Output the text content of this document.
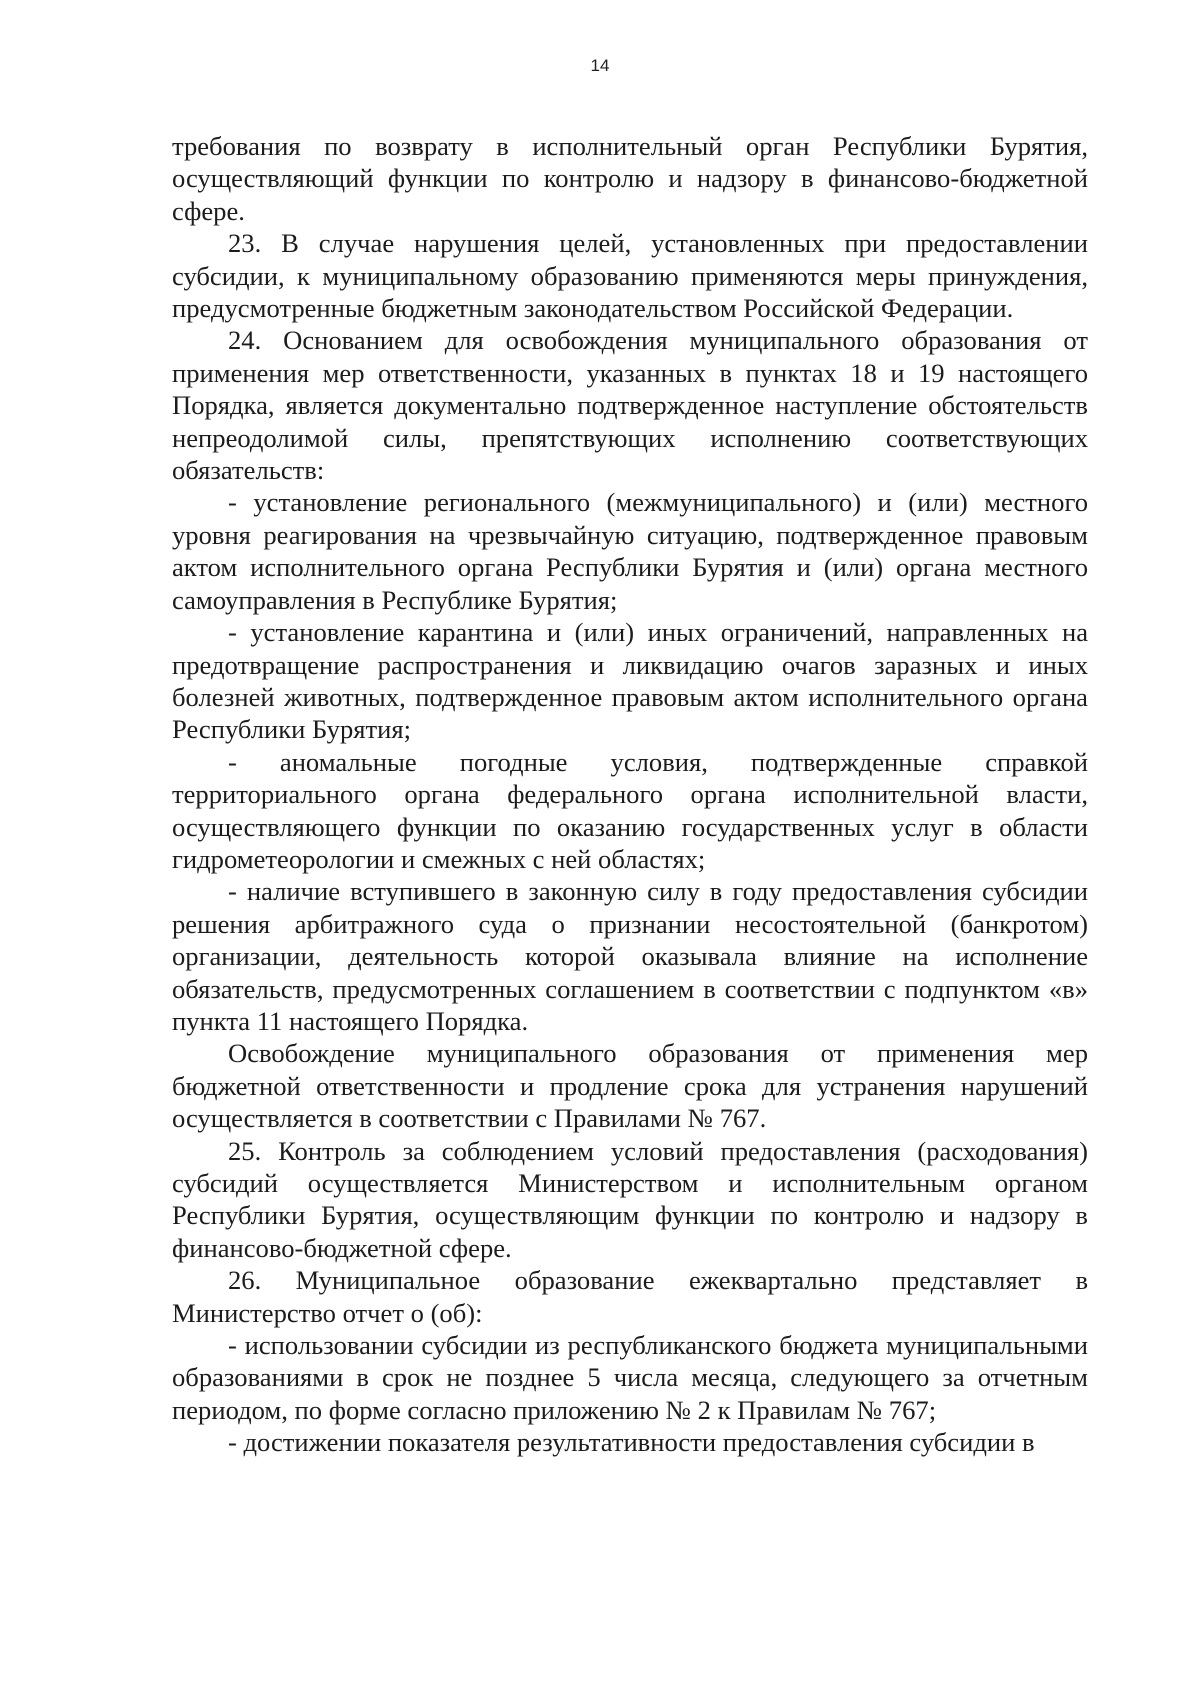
14

требования по возврату в исполнительный орган Республики Бурятия, осуществляющий функции по контролю и надзору в финансово-бюджетной сфере.

23. В случае нарушения целей, установленных при предоставлении субсидии, к муниципальному образованию применяются меры принуждения, предусмотренные бюджетным законодательством Российской Федерации.

24. Основанием для освобождения муниципального образования от применения мер ответственности, указанных в пунктах 18 и 19 настоящего Порядка, является документально подтвержденное наступление обстоятельств непреодолимой силы, препятствующих исполнению соответствующих обязательств:

- установление регионального (межмуниципального) и (или) местного уровня реагирования на чрезвычайную ситуацию, подтвержденное правовым актом исполнительного органа Республики Бурятия и (или) органа местного самоуправления в Республике Бурятия;

- установление карантина и (или) иных ограничений, направленных на предотвращение распространения и ликвидацию очагов заразных и иных болезней животных, подтвержденное правовым актом исполнительного органа Республики Бурятия;

- аномальные погодные условия, подтвержденные справкой территориального органа федерального органа исполнительной власти, осуществляющего функции по оказанию государственных услуг в области гидрометеорологии и смежных с ней областях;

- наличие вступившего в законную силу в году предоставления субсидии решения арбитражного суда о признании несостоятельной (банкротом) организации, деятельность которой оказывала влияние на исполнение обязательств, предусмотренных соглашением в соответствии с подпунктом «в» пункта 11 настоящего Порядка.

Освобождение муниципального образования от применения мер бюджетной ответственности и продление срока для устранения нарушений осуществляется в соответствии с Правилами № 767.

25. Контроль за соблюдением условий предоставления (расходования) субсидий осуществляется Министерством и исполнительным органом Республики Бурятия, осуществляющим функции по контролю и надзору в финансово-бюджетной сфере.

26. Муниципальное образование ежеквартально представляет в Министерство отчет о (об):

- использовании субсидии из республиканского бюджета муниципальными образованиями в срок не позднее 5 числа месяца, следующего за отчетным периодом, по форме согласно приложению № 2 к Правилам № 767;

- достижении показателя результативности предоставления субсидии в
